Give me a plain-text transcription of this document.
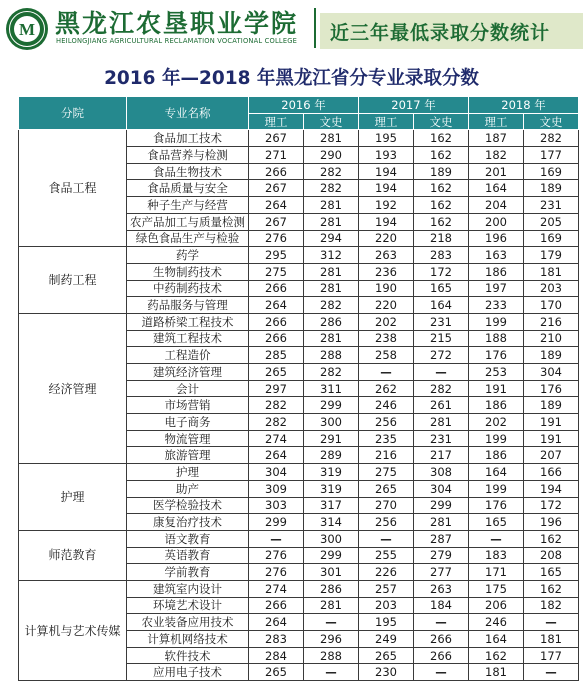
M 黑龙江农垦职业学院
HEILONGJIANG AGRICULTURAL RECLAMATION VOCATIONAL COLLEGE 近三年最低录取分数统计
2016 年—2018 年黑龙江省分专业录取分数
分院	专业名称	2016 年		2017 年		2018 年	
		理工	文史	理工	文史	理工	文史
食品工程	食品加工技术	267	281	195	162	187	282
	食品营养与检测	271	290	193	162	182	177
	食品生物技术	266	282	194	189	201	169
	食品质量与安全	267	282	194	162	164	189
	种子生产与经营	264	281	192	162	204	231
	农产品加工与质量检测	267	281	194	162	200	205
	绿色食品生产与检验	276	294	220	218	196	169
制药工程	药学	295	312	263	283	163	179
	生物制药技术	275	281	236	172	186	181
	中药制药技术	266	281	190	165	197	203
	药品服务与管理	264	282	220	164	233	170
经济管理	道路桥梁工程技术	266	286	202	231	199	216
	建筑工程技术	266	281	238	215	188	210
	工程造价	285	288	258	272	176	189
	建筑经济管理	265	282	—	—	253	304
	会计	297	311	262	282	191	176
	市场营销	282	299	246	261	186	189
	电子商务	282	300	256	281	202	191
	物流管理	274	291	235	231	199	191
	旅游管理	264	289	216	217	186	207
护理	护理	304	319	275	308	164	166
	助产	309	319	265	304	199	194
	医学检验技术	303	317	270	299	176	172
	康复治疗技术	299	314	256	281	165	196
师范教育	语文教育	—	300	—	287	—	162
	英语教育	276	299	255	279	183	208
	学前教育	276	301	226	277	171	165
计算机与艺术传媒	建筑室内设计	274	286	257	263	175	162
	环境艺术设计	266	281	203	184	206	182
	农业装备应用技术	264	—	195	—	246	—
	计算机网络技术	283	296	249	266	164	181
	软件技术	284	288	265	266	162	177
	应用电子技术	265	—	230	—	181	—
